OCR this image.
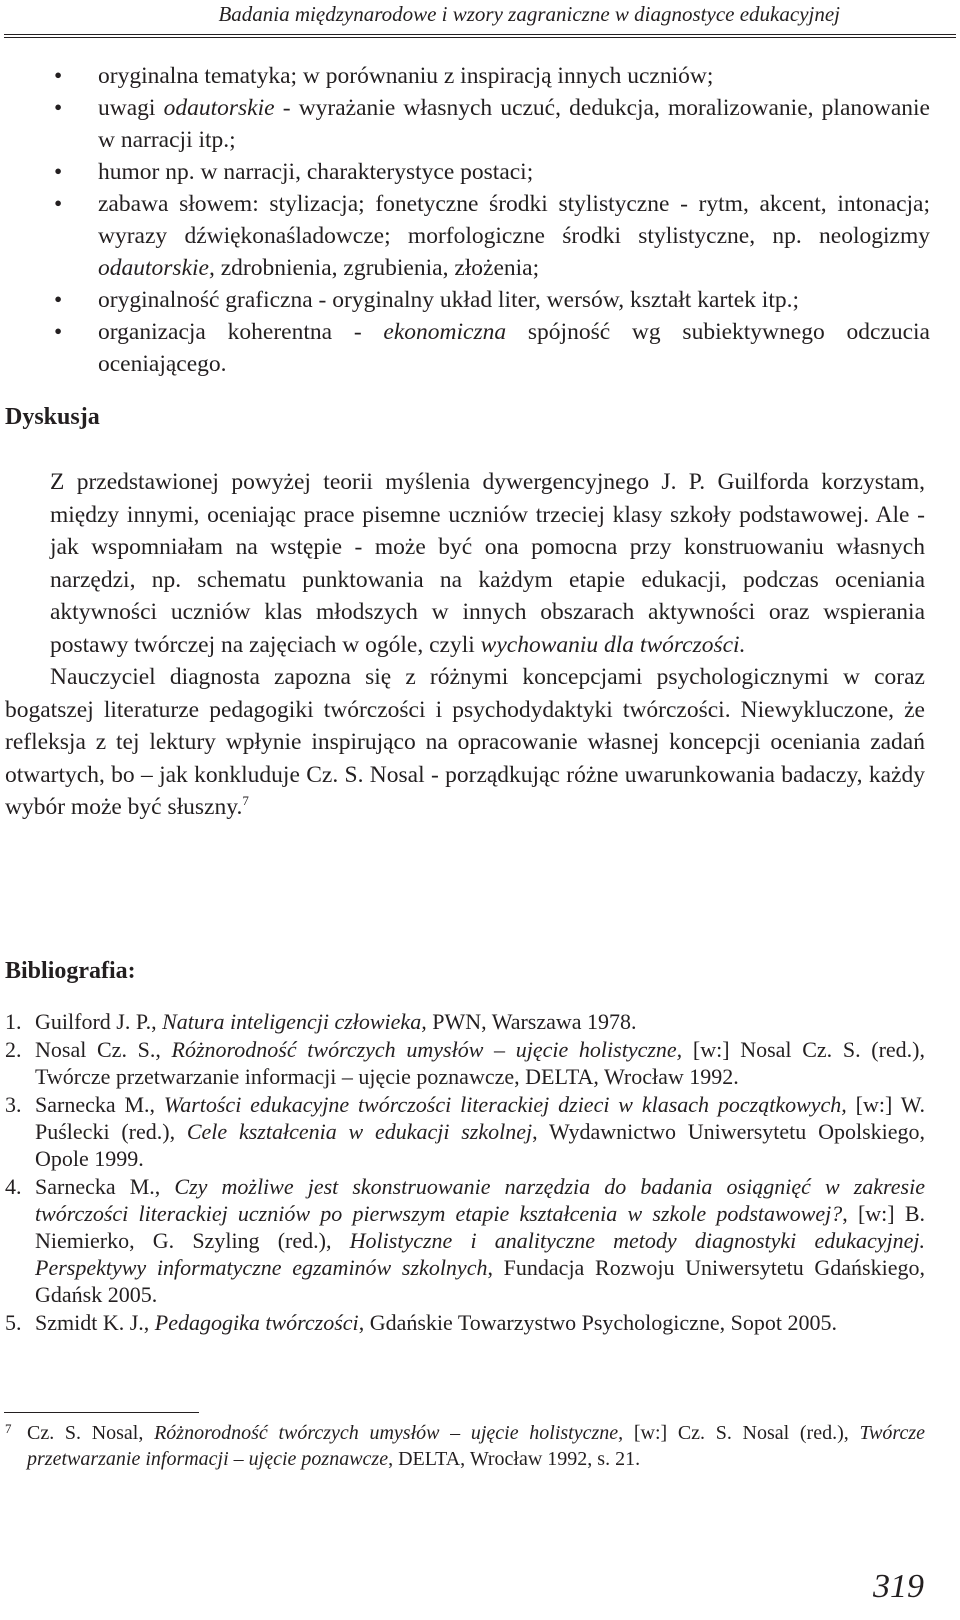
Badania międzynarodowe i wzory zagraniczne w diagnostyce edukacyjnej
• oryginalna tematyka; w porównaniu z inspiracją innych uczniów;
• uwagi odautorskie - wyrażanie własnych uczuć, dedukcja, moralizowanie, planowanie w narracji itp.;
• humor np. w narracji, charakterystyce postaci;
• zabawa słowem: stylizacja; fonetyczne środki stylistyczne - rytm, akcent, intonacja; wyrazy dźwiękonaśladowcze; morfologiczne środki stylistyczne, np. neologizmy odautorskie, zdrobnienia, zgrubienia, złożenia;
• oryginalność graficzna - oryginalny układ liter, wersów, kształt kartek itp.;
• organizacja koherentna - ekonomiczna spójność wg subiektywnego odczucia oceniającego.
Dyskusja

Z przedstawionej powyżej teorii myślenia dywergencyjnego J. P. Guilforda korzystam, między innymi, oceniając prace pisemne uczniów trzeciej klasy szkoły podstawowej. Ale - jak wspomniałam na wstępie - może być ona pomocna przy konstruowaniu własnych narzędzi, np. schematu punktowania na każdym etapie edukacji, podczas oceniania aktywności uczniów klas młodszych w innych obszarach aktywności oraz wspierania postawy twórczej na zajęciach w ogóle, czyli wychowaniu dla twórczości.

Nauczyciel diagnosta zapozna się z różnymi koncepcjami psychologicznymi w coraz bogatszej literaturze pedagogiki twórczości i psychodydaktyki twórczości. Niewykluczone, że refleksja z tej lektury wpłynie inspirująco na opracowanie własnej koncepcji oceniania zadań otwartych, bo – jak konkluduje Cz. S. Nosal - porządkując różne uwarunkowania badaczy, każdy wybór może być słuszny.$^7$

Bibliografia:
1. Guilford J. P., Natura inteligencji człowieka, PWN, Warszawa 1978.
2. Nosal Cz. S., Różnorodność twórczych umysłów – ujęcie holistyczne, [w:] Nosal Cz. S. (red.), Twórcze przetwarzanie informacji – ujęcie poznawcze, DELTA, Wrocław 1992.
3. Sarnecka M., Wartości edukacyjne twórczości literackiej dzieci w klasach początkowych, [w:] W. Puślecki (red.), Cele kształcenia w edukacji szkolnej, Wydawnictwo Uniwersytetu Opolskiego, Opole 1999.
4. Sarnecka M., Czy możliwe jest skonstruowanie narzędzia do badania osiągnięć w zakresie twórczości literackiej uczniów po pierwszym etapie kształcenia w szkole podstawowej?, [w:] B. Niemierko, G. Szyling (red.), Holistyczne i analityczne metody diagnostyki edukacyjnej. Perspektywy informatyczne egzaminów szkolnych, Fundacja Rozwoju Uniwersytetu Gdańskiego, Gdańsk 2005.
5. Szmidt K. J., Pedagogika twórczości, Gdańskie Towarzystwo Psychologiczne, Sopot 2005.
7 Cz. S. Nosal, Różnorodność twórczych umysłów – ujęcie holistyczne, [w:] Cz. S. Nosal (red.), Twórcze przetwarzanie informacji – ujęcie poznawcze, DELTA, Wrocław 1992, s. 21.
319
